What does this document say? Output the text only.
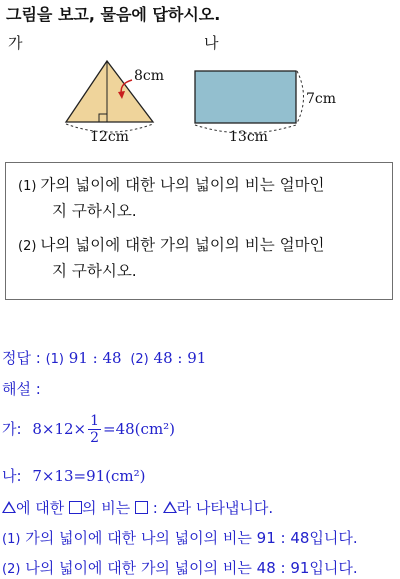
그림을 보고, 물음에 답하시오.
가	나
8cm
12cm
7cm
13cm
(1) 가의 넓이에 대한 나의 넓이의 비는 얼마인
지 구하시오.
(2) 나의 넓이에 대한 가의 넓이의 비는 얼마인
지 구하시오.
정답 : (1) 91 : 48 (2) 48 : 91
해설 :
가: $8\times 12\times \frac{1}{2} =48(cm^2)$
나: 7×13=91(cm²)
에 대한 의 비는  : 라 나타냅니다.
(1) 가의 넓이에 대한 나의 넓이의 비는 91 : 48입니다.
(2) 나의 넓이에 대한 가의 넓이의 비는 48 : 91입니다.
